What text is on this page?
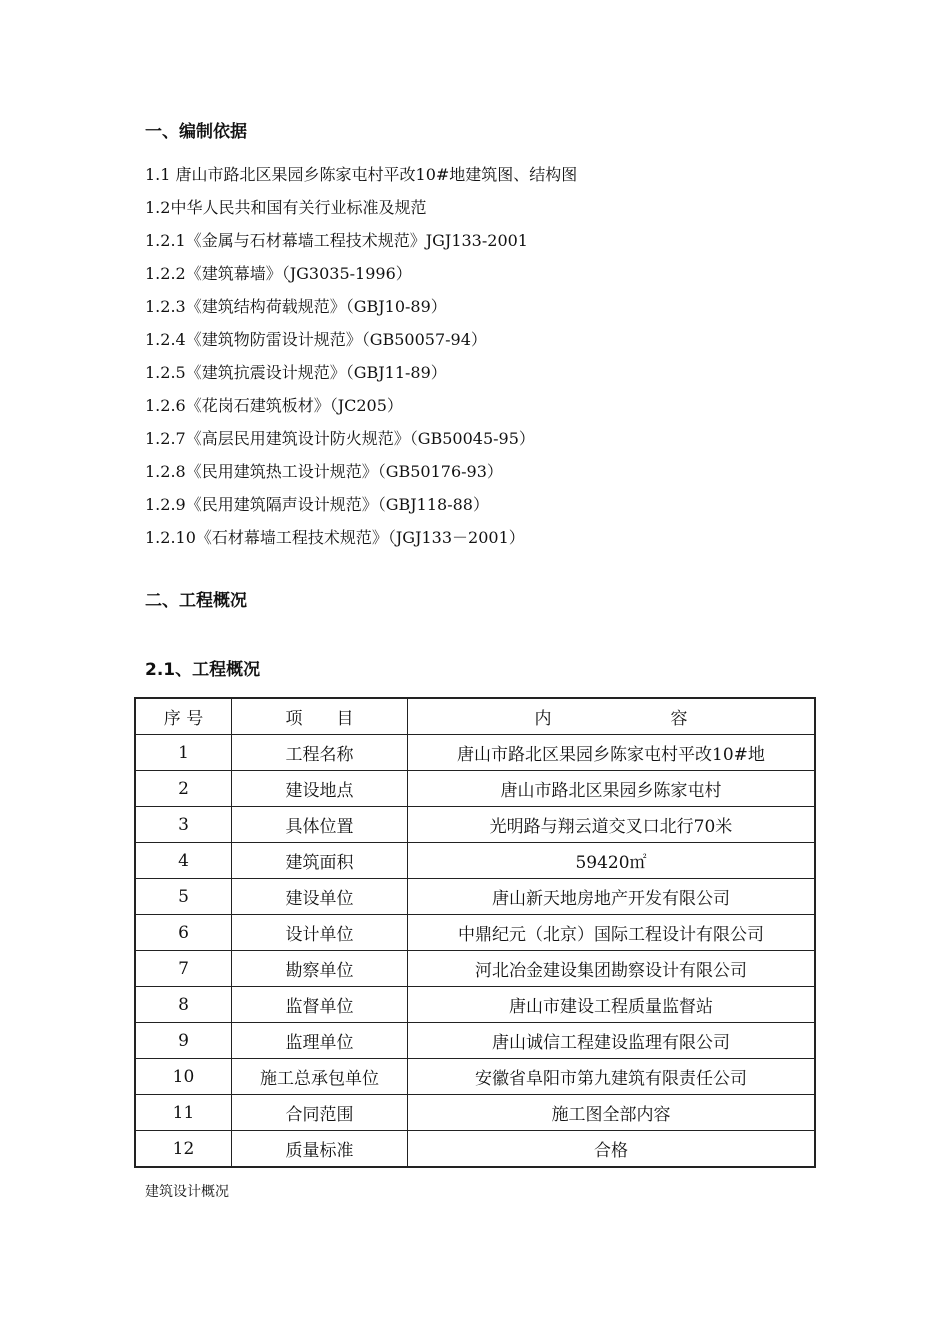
一、编制依据
1.1 唐山市路北区果园乡陈家屯村平改10#地建筑图、结构图
1.2中华人民共和国有关行业标准及规范
1.2.1《金属与石材幕墙工程技术规范》JGJ133-2001
1.2.2《建筑幕墙》（JG3035-1996）
1.2.3《建筑结构荷载规范》（GBJ10-89）
1.2.4《建筑物防雷设计规范》（GB50057-94）
1.2.5《建筑抗震设计规范》（GBJ11-89）
1.2.6《花岗石建筑板材》（JC205）
1.2.7《高层民用建筑设计防火规范》（GB50045-95）
1.2.8《民用建筑热工设计规范》（GB50176-93）
1.2.9《民用建筑隔声设计规范》（GBJ118-88）
1.2.10《石材幕墙工程技术规范》（JGJ133－2001）
二、工程概况
2.1、工程概况
序 号	项　　目	内　　　　　　　容
1	工程名称	唐山市路北区果园乡陈家屯村平改10#地
2	建设地点	唐山市路北区果园乡陈家屯村
3	具体位置	光明路与翔云道交叉口北行70米
4	建筑面积	59420㎡
5	建设单位	唐山新天地房地产开发有限公司
6	设计单位	中鼎纪元（北京）国际工程设计有限公司
7	勘察单位	河北冶金建设集团勘察设计有限公司
8	监督单位	唐山市建设工程质量监督站
9	监理单位	唐山诚信工程建设监理有限公司
10	施工总承包单位	安徽省阜阳市第九建筑有限责任公司
11	合同范围	施工图全部内容
12	质量标准	合格
建筑设计概况
